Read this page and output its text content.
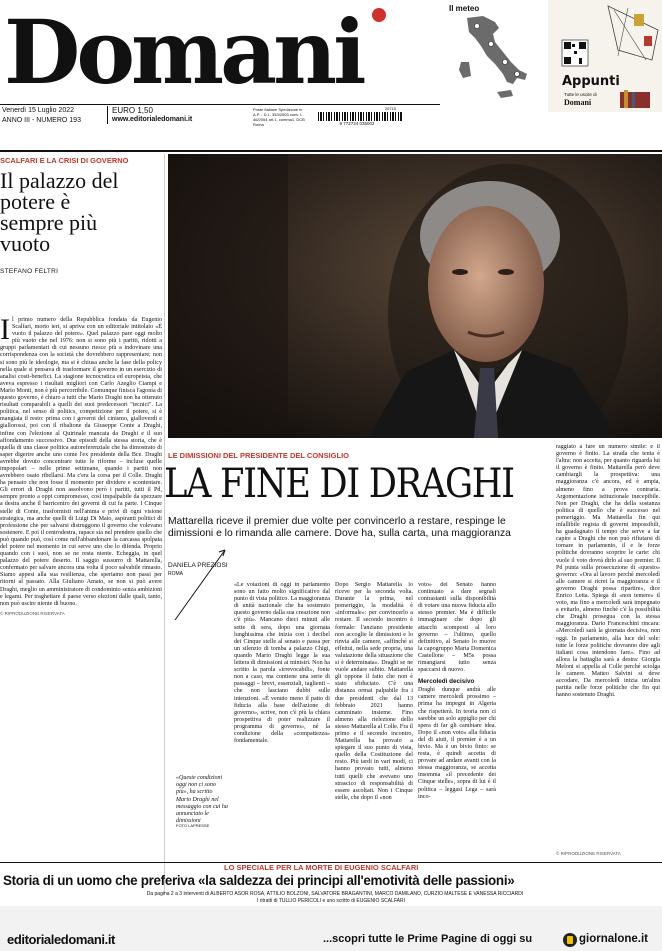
Domani	Il meteo
Appunti
Tutte le uscite di
Domani
Venerdì 15 Luglio 2022
ANNO III - NUMERO 193
EURO 1,50
www.editorialedomani.it
Poste Italiane Spedizione in A.P. - D.L. 353/2003 conv. L. 46/2004 art.1, comma1, DCB Roma
20715
9 772724 035002
SCALFARI E LA CRISI DI GOVERNO
Il palazzo del potere è sempre più vuoto
STEFANO FELTRI
I l primo numero della Repubblica fondata da Eugenio Scalfari, morto ieri, si apriva con un editoriale intitolato «È vuoto il palazzo del potere». Quel palazzo pare oggi molto più vuoto che nel 1976: non si sono più i partiti, ridotti a gruppi parlamentari di cui nessuno riesce più a indovinare una corrispondenza con la società che dovrebbero rappresentare; non si sono più le ideologie, ma si è chiusa anche la fase della policy nella quale si pensava di trasformare il governo in un esercizio di analisi costi-benefici. La stagione tecnocratica ed europeista, che aveva espresso i risultati migliori con Carlo Azeglio Ciampi e Mario Monti, non è più percorribile. Comunque finisca l'agonia di questo governo, è chiaro a tutti che Mario Draghi non ha ottenuto risultati comparabili a quelli dei suoi predecessori "tecnici". La politica, nel senso di politics, competizione per il potere, si è mangiata il resto: prima con i governi del cinismo, gialloverdi e giallorossi, poi con il ribaltone da Giuseppe Conte a Draghi, infine con l'elezione al Quirinale mancata da Draghi e il suo affondamento successivo. Due episodi della stessa storia, che è quella di una classe politica autoreferenziale che ha dimostrato di saper digerire anche uno come l'ex presidente della Bce. Draghi avrebbe dovuto concentrare tutte le riforme – incluse quelle impopolari – nelle prime settimane, quando i partiti non avrebbero osato ribellarsi. Ma c'era la corsa per il Colle. Draghi ha pensato che non fosse il momento per dividere e scontentare. Gli errori di Draghi non assolvono però i partiti, tutti il Pd, sempre pronto a oppi compromesso, così impalpabile da spezzare a destra anche il barricentro dei governi di cui fa parte. I Cinque stelle di Conte, trasformisti nell'anima e privi di ogni visione strategica, ma anche quelli di Luigi Di Maio, aspiranti politici di professione che per salvarsi distruggono il governo che volevano sostenere. E poi il centrodestra, rapace sia nel prendere quello che può quando può, così come nell'abbandonare la carcassa spolpata del potere nel momento in cui serve uno che lo difenda. Proprio quando con i suoi, non se ne resta niente. Echeggia, in quel palazzo del potere deserto. Il saggio sussurro di Mattarella, confermato per salvare ancora una volta il poco salvabile rimasto. Siamo appesi alla sua resilienza, che speriamo non passi per ritorni al passato. Alla Giuliano Amato, se non si può avere Draghi, meglio un amministratore di condominio senza ambizioni e legami. Per traghettare il paese verso elezioni dalle quali, tanto, non può uscire niente di buono.
© RIPRODUZIONE RISERVATA
LE DIMISSIONI DEL PRESIDENTE DEL CONSIGLIO
LA FINE DI DRAGHI
Mattarella riceve il premier due volte per convincerlo a restare, respinge le dimissioni e lo rimanda alle camere. Dove ha, sulla carta, una maggioranza
DANIELA PREZIOSI
ROMA
«Queste condizioni oggi non ci sono più», ha scritto Mario Draghi nel messaggio con cui ha annunciato le dimissioni
FOTO LAPRESSE
«Le votazioni di oggi in parlamento sono un fatto molto significativo dal punto di vista politico. La maggioranza di unità nazionale che ha sostenuto questo governo dalla sua creazione non c'è più». Mancano dieci minuti alle sette di sera, dopo una giornata lunghissima che inizia con i decibel dei Cinque stelle al senato e passa per un silenzio di tomba a palazzo Chigi, quando Mario Draghi legge la sua lettera di dimissioni ai ministri. Non ha scritto la parola «irrevocabili», fonte non a caso, ma contiene una serie di passaggi – brevi, essenziali, taglienti – che non lasciano dubbi sulle intenzioni. «È venuto meno il patto di fiducia alla base dell'azione di governo», scrive, non c'è più la chiara prospettiva di poter realizzare il programma di governo», né la condizione della «compattezza» fondamentale.
Dopo Sergio Mattarella lo riceve per la seconda volta. Durante la prima, nel pomeriggio, la modalità è «informale»: per convincerlo a restare. Il secondo incontro è formale: l'anziano presidente non accoglie le dimissioni e lo rinvia alle camere, «affinché si effettui, nella sede propria, una valutazione della situazione che si è determinata». Draghi se ne vuole andare subito. Mattarella gli oppone il fatto che non è stato sfiduciato. C'è una distanza ormai palpabile fra i due presidenti che dal 13 febbraio 2021 hanno camminato insieme. Fino almeno alla rielezione dello stesso Mattarella al Colle. Fra il primo e il secondo incontro, Mattarella ha provato a spiegare il suo punto di vista, quello della Costituzione del resto. Più tardi in vari modi, ci hanno provato tutti, almeno tutti quelli che avevano uno strascico di responsabilità di essere ascoltati. Non i Cinque stelle, che dopo il «non
voto» del Senato hanno continuato a dare segnali contrastanti sulla disponibilità di votare una nuova fiducia allo stesso premier. Ma è difficile immaginare che dopo gli attacchi scomposti al loro governo – l'ultimo, quello definitivo, al Senato lo muove la capogruppo Maria Domenica Castellone – M5s possa rimangiarsi tutto senza spaccarsi di nuovo.
Mercoledì decisivo
Draghi dunque andrà alle camere mercoledì prossimo – prima ha impegni in Algeria che rispetterà. In teoria non ci sarebbe un solo appiglio per chi spera di far gli cambiare idea. Dopo il «non voto» alla fiducia del di aiuti, il premier è a un bivio. Ma è un bivio finto: se resta, è quindi accetta di provare ad andare avanti con la stessa maggioranza, se accetta insomma «il precedente dei Cinque stelle», sopra di lui è il politica – leggasi Lega – sarà inco-
raggiato a fare un numero simile: e il governo è finito. La strada che tenta è l'altra: non accetta, per quanto riguarda lui il governo è finito. Mattarella però deve cambiargli la prospettiva: una maggioranza c'è ancora, ed è ampia, almeno fino a prova contraria. Argomentazione istituzionale inecepibile. Non per Draghi, che ha della sostanza politica di quello che è successo nel pomeriggio. Ma Mattarella fin qui infallibile regista di governi impossibili, ha guadagnato il tempo che serve a far capire a Draghi che non può rifiutarsi di tornare in parlamento, il e le forze politiche dovranno scoprire le carte: chi vuole il voto dovrà dirlo al suo premier. Il Pd punta sulla prosecuzione di «questo» governo: «Ora al lavoro perché mercoledì alle camere si ricrei la maggioranza e il governo Draghi possa ripartire», dice Enrico Letta. Spiega di «non temere» il voto, ma fino a mercoledì sarà impegnato a evitarlo, almeno finché c'è la possibilità che Draghi prosegua con la stessa maggioranza. Dario Franceschini rincara: «Mercoledì sarà la giornata decisiva, non oggi. In parlamento, alla luce del sole: tutte le forze politiche dovranno dire agli italiani cosa intendono fare». Fino ad allora la battaglia sarà a destra: Giorgia Meloni si appella al Colle perché sciolga le camere. Matteo Salvini si deve accodare. Da mercoledì inizia un'altra partita nelle forze politiche che fin qui hanno sostenuto Draghi.
© RIPRODUZIONE RISERVATA
LO SPECIALE PER LA MORTE DI EUGENIO SCALFARI
Storia di un uomo che preferiva «la saldezza dei principi all'emotività delle passioni»
Da pagina 2 a 3 interventi di ALBERTO ASOR ROSA, ATTILIO BOLZONI, SALVATORE BRAGANTINI, MARCO DAMILANO, CURZIO MALTESE E VANESSA RICCIARDI
I ritratti di TULLIO PERICOLI e uno scritto di EUGENIO SCALFARI
editorialedomani.it	...scopri tutte le Prime Pagine di oggi su	giornalone.it
